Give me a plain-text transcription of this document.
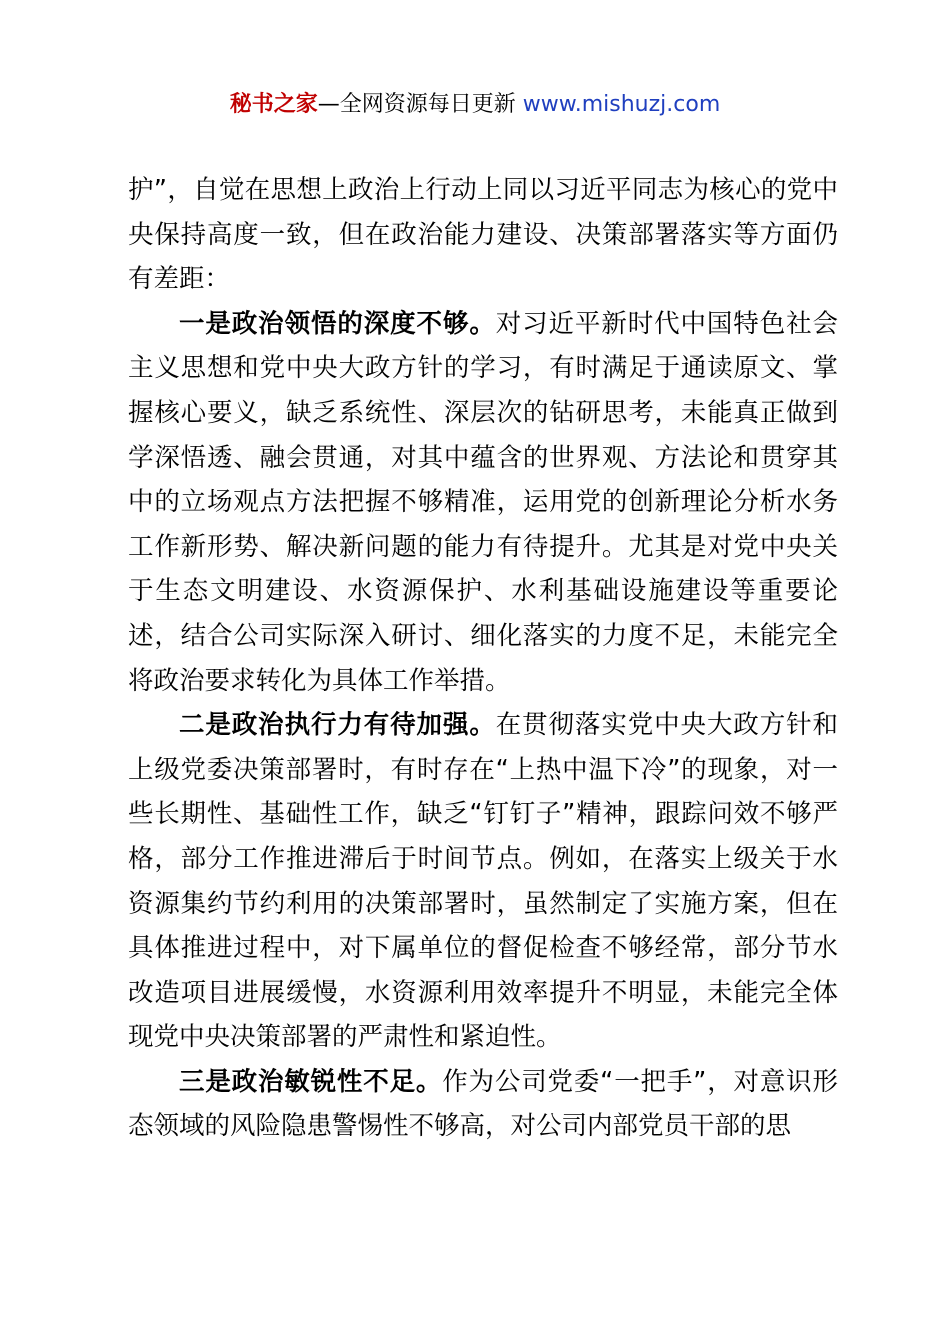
秘书之家—全网资源每日更新 www.mishuzj.com

护”，自觉在思想上政治上行动上同以习近平同志为核心的党中央保持高度一致，但在政治能力建设、决策部署落实等方面仍有差距：

一是政治领悟的深度不够。对习近平新时代中国特色社会主义思想和党中央大政方针的学习，有时满足于通读原文、掌握核心要义，缺乏系统性、深层次的钻研思考，未能真正做到学深悟透、融会贯通，对其中蕴含的世界观、方法论和贯穿其中的立场观点方法把握不够精准，运用党的创新理论分析水务工作新形势、解决新问题的能力有待提升。尤其是对党中央关于生态文明建设、水资源保护、水利基础设施建设等重要论述，结合公司实际深入研讨、细化落实的力度不足，未能完全将政治要求转化为具体工作举措。

二是政治执行力有待加强。在贯彻落实党中央大政方针和上级党委决策部署时，有时存在“上热中温下冷”的现象，对一些长期性、基础性工作，缺乏“钉钉子”精神，跟踪问效不够严格，部分工作推进滞后于时间节点。例如，在落实上级关于水资源集约节约利用的决策部署时，虽然制定了实施方案，但在具体推进过程中，对下属单位的督促检查不够经常，部分节水改造项目进展缓慢，水资源利用效率提升不明显，未能完全体现党中央决策部署的严肃性和紧迫性。

三是政治敏锐性不足。作为公司党委“一把手”，对意识形态领域的风险隐患警惕性不够高，对公司内部党员干部的思
